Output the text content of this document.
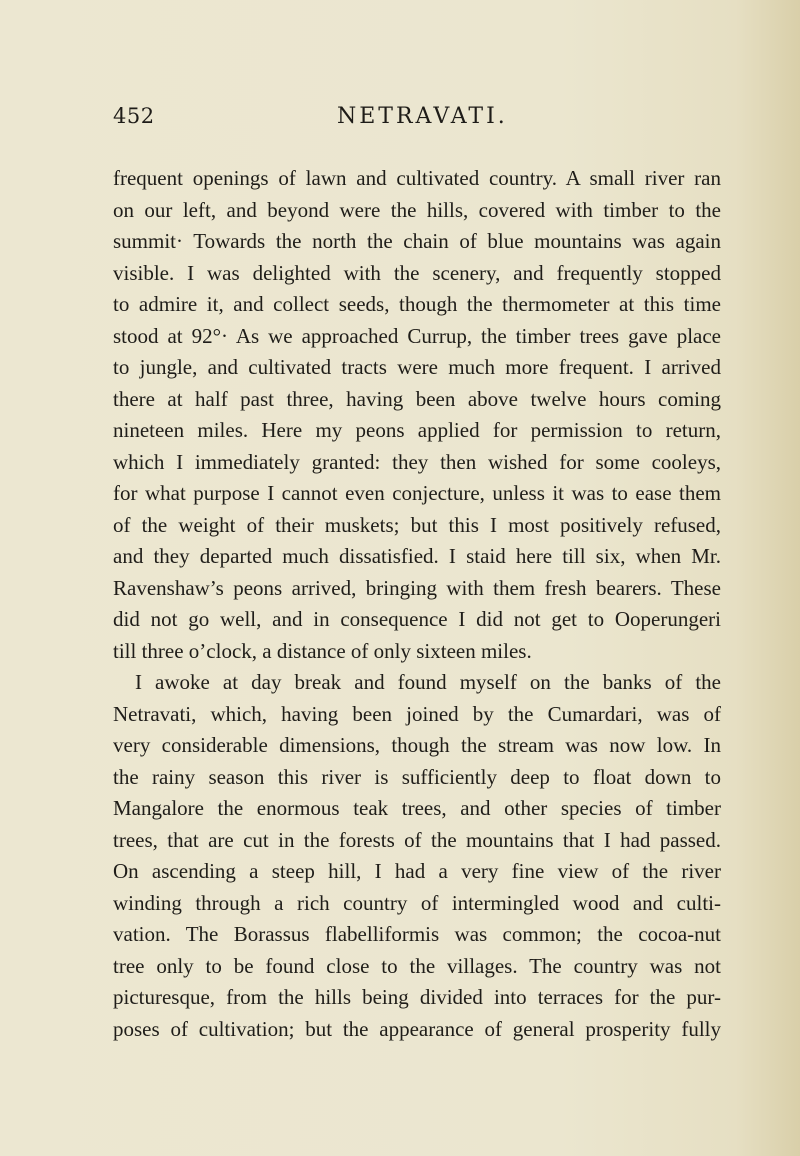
452	NETRAVATI.
frequent openings of lawn and cultivated country. A small river ran
on our left, and beyond were the hills, covered with timber to the
summit· Towards the north the chain of blue mountains was again
visible. I was delighted with the scenery, and frequently stopped
to admire it, and collect seeds, though the thermometer at this time
stood at 92°· As we approached Currup, the timber trees gave place
to jungle, and cultivated tracts were much more frequent. I arrived
there at half past three, having been above twelve hours coming
nineteen miles. Here my peons applied for permission to return,
which I immediately granted: they then wished for some cooleys,
for what purpose I cannot even conjecture, unless it was to ease them
of the weight of their muskets; but this I most positively refused,
and they departed much dissatisfied. I staid here till six, when Mr.
Ravenshaw’s peons arrived, bringing with them fresh bearers. These
did not go well, and in consequence I did not get to Ooperungeri
till three o’clock, a distance of only sixteen miles.
I awoke at day break and found myself on the banks of the
Netravati, which, having been joined by the Cumardari, was of
very considerable dimensions, though the stream was now low. In
the rainy season this river is sufficiently deep to float down to
Mangalore the enormous teak trees, and other species of timber
trees, that are cut in the forests of the mountains that I had passed.
On ascending a steep hill, I had a very fine view of the river
winding through a rich country of intermingled wood and culti-
vation. The Borassus flabelliformis was common; the cocoa-nut
tree only to be found close to the villages. The country was not
picturesque, from the hills being divided into terraces for the pur-
poses of cultivation; but the appearance of general prosperity fully
